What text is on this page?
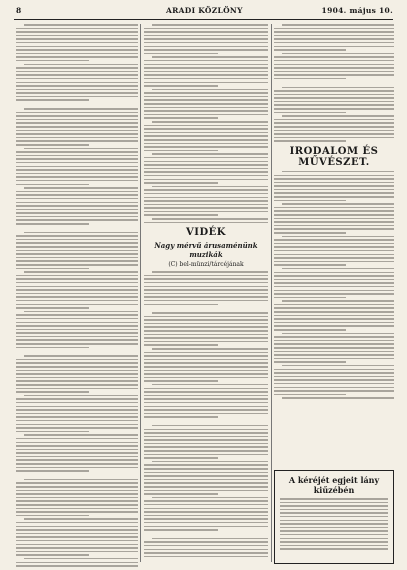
8	ARADI KÖZLÖNY	1904. május 10.
VIDÉK
Nagy mérvű árusaménünk muzikák
(C) bel-münzi/tárcéjának
IRODALOM ÉS MŰVÉSZET.
A kéréjét egjeit lány kiűzébén
